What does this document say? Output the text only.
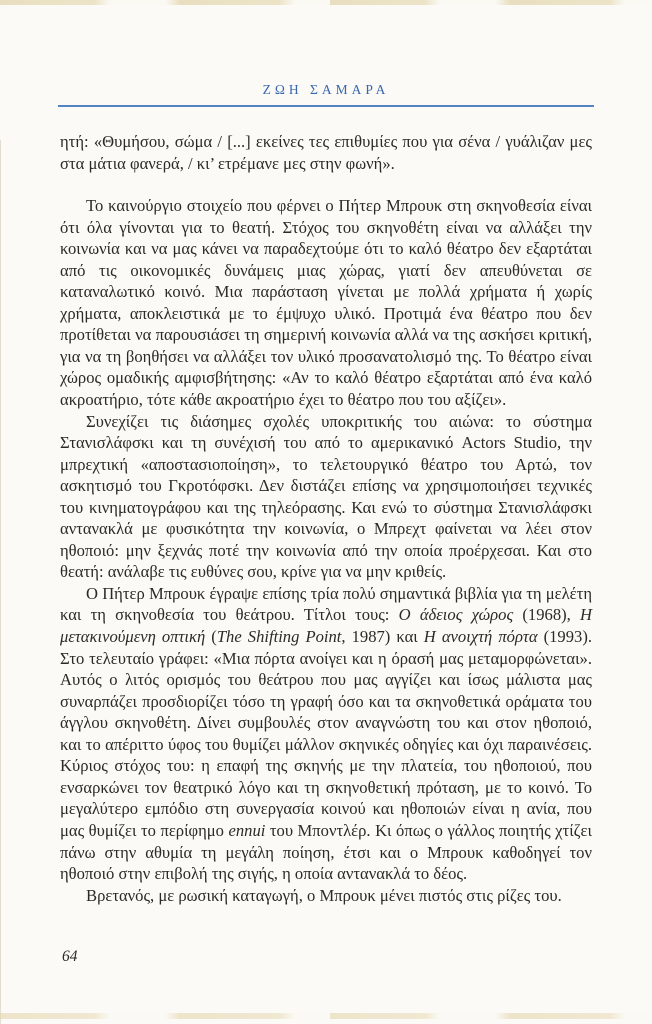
ΖΩΗ ΣΑΜΑΡΑ

ητή: «Θυμήσου, σώμα / [...] εκείνες τες επιθυμίες που για σένα / γυάλιζαν μες στα μάτια φανερά, / κι’ ετρέμανε μες στην φωνή».

Το καινούργιο στοιχείο που φέρνει ο Πήτερ Μπρουκ στη σκηνοθεσία είναι ότι όλα γίνονται για το θεατή. Στόχος του σκηνοθέτη είναι να αλλάξει την κοινωνία και να μας κάνει να παραδεχτούμε ότι το καλό θέατρο δεν εξαρτάται από τις οικονομικές δυνάμεις μιας χώρας, γιατί δεν απευθύνεται σε καταναλωτικό κοινό. Μια παράσταση γίνεται με πολλά χρήματα ή χωρίς χρήματα, αποκλειστικά με το έμψυχο υλικό. Προτιμά ένα θέατρο που δεν προτίθεται να παρουσιάσει τη σημερινή κοινωνία αλλά να της ασκήσει κριτική, για να τη βοηθήσει να αλλάξει τον υλικό προσανατολισμό της. Το θέατρο είναι χώρος ομαδικής αμφισβήτησης: «Αν το καλό θέατρο εξαρτάται από ένα καλό ακροατήριο, τότε κάθε ακροατήριο έχει το θέατρο που του αξίζει».

Συνεχίζει τις διάσημες σχολές υποκριτικής του αιώνα: το σύστημα Στανισλάφσκι και τη συνέχισή του από το αμερικανικό Actors Studio, την μπρεχτική «αποστασιοποίηση», το τελετουργικό θέατρο του Αρτώ, τον ασκητισμό του Γκροτόφσκι. Δεν διστάζει επίσης να χρησιμοποιήσει τεχνικές του κινηματογράφου και της τηλεόρασης. Και ενώ το σύστημα Στανισλάφσκι αντανακλά με φυσικότητα την κοινωνία, ο Μπρεχτ φαίνεται να λέει στον ηθοποιό: μην ξεχνάς ποτέ την κοινωνία από την οποία προέρχεσαι. Και στο θεατή: ανάλαβε τις ευθύνες σου, κρίνε για να μην κριθείς.

Ο Πήτερ Μπρουκ έγραψε επίσης τρία πολύ σημαντικά βιβλία για τη μελέτη και τη σκηνοθεσία του θεάτρου. Τίτλοι τους: Ο άδειος χώρος (1968), Η μετακινούμενη οπτική (The Shifting Point, 1987) και Η ανοιχτή πόρτα (1993). Στο τελευταίο γράφει: «Μια πόρτα ανοίγει και η όρασή μας μεταμορφώνεται». Αυτός ο λιτός ορισμός του θεάτρου που μας αγγίζει και ίσως μάλιστα μας συναρπάζει προσδιορίζει τόσο τη γραφή όσο και τα σκηνοθετικά οράματα του άγγλου σκηνοθέτη. Δίνει συμβουλές στον αναγνώστη του και στον ηθοποιό, και το απέριττο ύφος του θυμίζει μάλλον σκηνικές οδηγίες και όχι παραινέσεις. Κύριος στόχος του: η επαφή της σκηνής με την πλατεία, του ηθοποιού, που ενσαρκώνει τον θεατρικό λόγο και τη σκηνοθετική πρόταση, με το κοινό. Το μεγαλύτερο εμπόδιο στη συνεργασία κοινού και ηθοποιών είναι η ανία, που μας θυμίζει το περίφημο ennui του Μποντλέρ. Κι όπως ο γάλλος ποιητής χτίζει πάνω στην αθυμία τη μεγάλη ποίηση, έτσι και ο Μπρουκ καθοδηγεί τον ηθοποιό στην επιβολή της σιγής, η οποία αντανακλά το δέος.

Βρετανός, με ρωσική καταγωγή, ο Μπρουκ μένει πιστός στις ρίζες του.

64
